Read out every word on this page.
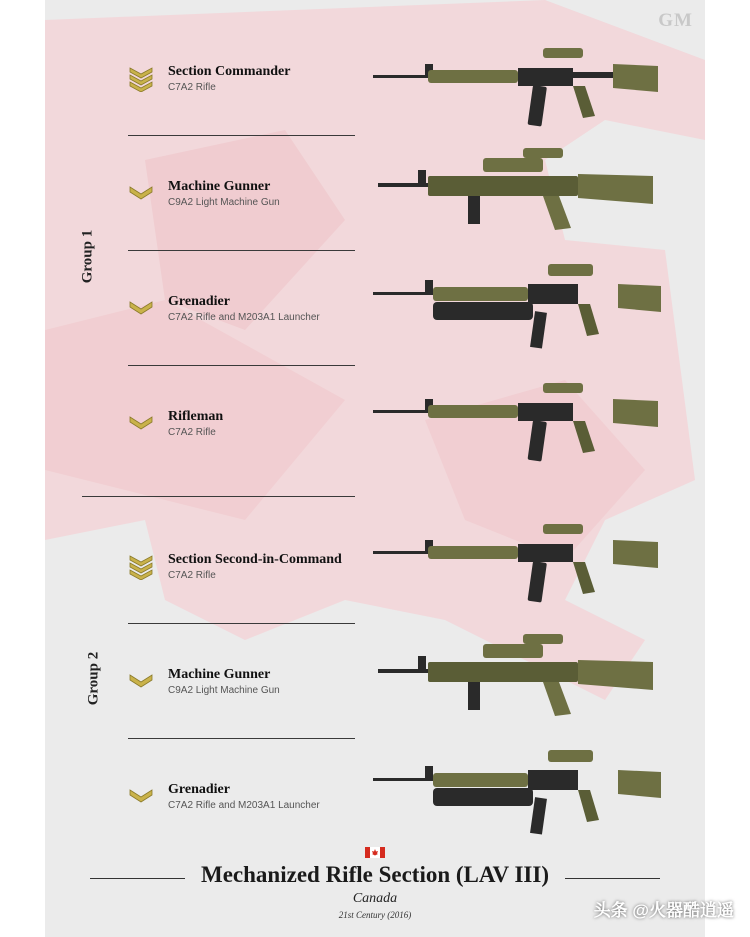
GM
Group 1
Group 2
Section Commander
C7A2 Rifle
Machine Gunner
C9A2 Light Machine Gun
Grenadier
C7A2 Rifle and M203A1 Launcher
Rifleman
C7A2 Rifle
Section Second-in-Command
C7A2 Rifle
Machine Gunner
C9A2 Light Machine Gun
Grenadier
C7A2 Rifle and M203A1 Launcher
Mechanized Rifle Section (LAV III)
Canada
21st Century (2016)	头条 @火器酷逍遥
